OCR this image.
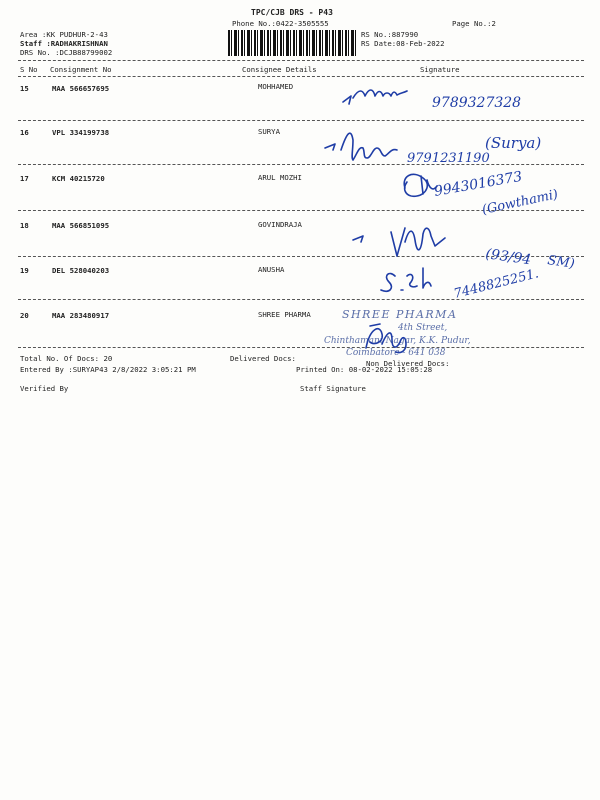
TPC/CJB DRS - P43
Phone No.:0422-3505555	Page No.:2
Area :KK PUDHUR-2-43
Staff :RADHAKRISHNAN
DRS No. :DCJB88799002
RS No.:887990
RS Date:08-Feb-2022
S No Consignment No	Consignee Details	Signature
15	MAA 566657695	MOHHAMED
16	VPL 334199738	SURYA
17	KCM 40215720	ARUL MOZHI
18	MAA 566851095	GOVINDRAJA
19	DEL 528040203	ANUSHA
20	MAA 283480917	SHREE PHARMA
9789327328
9791231190
(Surya)
9943016373
(Gowthami)
(93/94 SM)
7448825251.
SHREE PHARMA
4th Street,
Chinthamani Nagar, K.K. Pudur,
Coimbatore - 641 038
Total No. Of Docs: 20	Delivered Docs:
Non Delivered Docs:
Entered By :SURYAP43 2/8/2022 3:05:21 PM	Printed On: 08-02-2022 15:05:28
Verified By	Staff Signature
